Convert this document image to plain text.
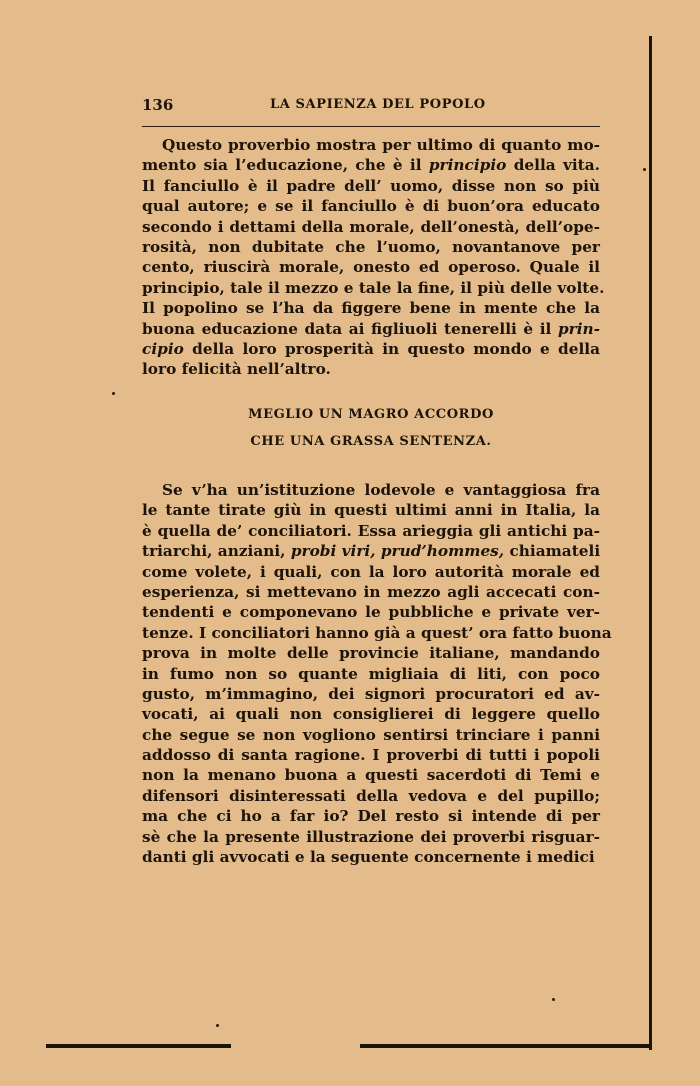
136	LA SAPIENZA DEL POPOLO

Questo proverbio mostra per ultimo di quanto mo-
mento sia l’educazione, che è il principio della vita.
Il fanciullo è il padre dell’ uomo, disse non so più
qual autore; e se il fanciullo è di buon’ora educato
secondo i dettami della morale, dell’onestà, dell’ope-
rosità, non dubitate che l’uomo, novantanove per
cento, riuscirà morale, onesto ed operoso. Quale il
principio, tale il mezzo e tale la fine, il più delle volte.
Il popolino se l’ha da figgere bene in mente che la
buona educazione data ai figliuoli tenerelli è il prin-
cipio della loro prosperità in questo mondo e della
loro felicità nell’altro.

MEGLIO UN MAGRO ACCORDO
CHE UNA GRASSA SENTENZA.

Se v’ha un’istituzione lodevole e vantaggiosa fra
le tante tirate giù in questi ultimi anni in Italia, la
è quella de’ conciliatori. Essa arieggia gli antichi pa-
triarchi, anziani, probi viri, prud’hommes, chiamateli
come volete, i quali, con la loro autorità morale ed
esperienza, si mettevano in mezzo agli accecati con-
tendenti e componevano le pubbliche e private ver-
tenze. I conciliatori hanno già a quest’ ora fatto buona
prova in molte delle provincie italiane, mandando
in fumo non so quante migliaia di liti, con poco
gusto, m’immagino, dei signori procuratori ed av-
vocati, ai quali non consiglierei di leggere quello
che segue se non vogliono sentirsi trinciare i panni
addosso di santa ragione. I proverbi di tutti i popoli
non la menano buona a questi sacerdoti di Temi e
difensori disinteressati della vedova e del pupillo;
ma che ci ho a far io? Del resto si intende di per
sè che la presente illustrazione dei proverbi risguar-
danti gli avvocati e la seguente concernente i medici
